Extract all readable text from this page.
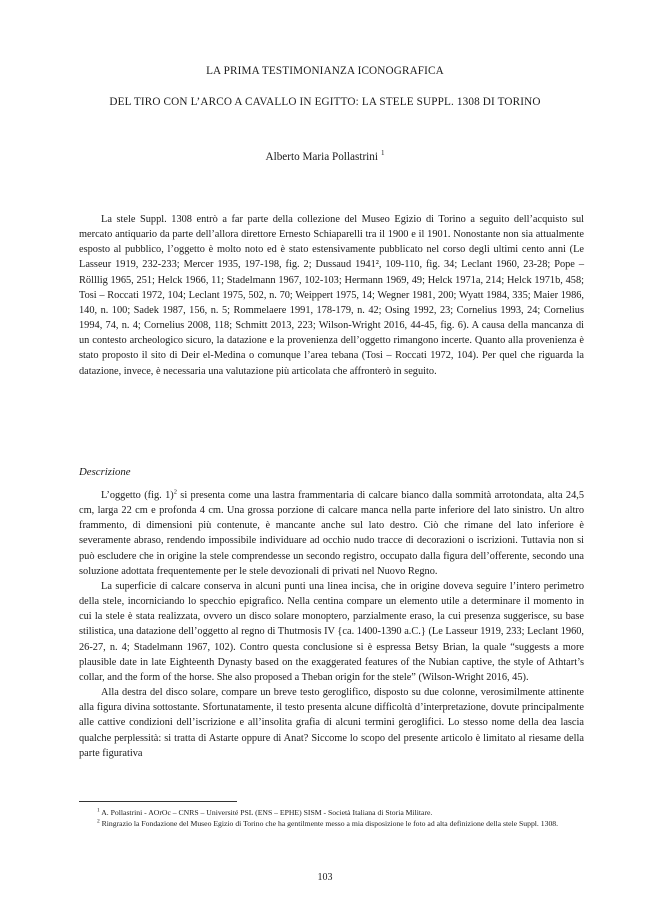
LA PRIMA TESTIMONIANZA ICONOGRAFICA
DEL TIRO CON L’ARCO A CAVALLO IN EGITTO: LA STELE SUPPL. 1308 DI TORINO
Alberto Maria Pollastrini $^1$

La stele Suppl. 1308 entrò a far parte della collezione del Museo Egizio di Torino a seguito dell’acquisto sul mercato antiquario da parte dell’allora direttore Ernesto Schiaparelli tra il 1900 e il 1901. Nonostante non sia attualmente esposto al pubblico, l’oggetto è molto noto ed è stato estensivamente pubblicato nel corso degli ultimi cento anni (Le Lasseur 1919, 232-233; Mercer 1935, 197-198, fig. 2; Dussaud 1941², 109-110, fig. 34; Leclant 1960, 23-28; Pope – Rölllig 1965, 251; Helck 1966, 11; Stadelmann 1967, 102-103; Hermann 1969, 49; Helck 1971a, 214; Helck 1971b, 458; Tosi – Roccati 1972, 104; Leclant 1975, 502, n. 70; Weippert 1975, 14; Wegner 1981, 200; Wyatt 1984, 335; Maier 1986, 140, n. 100; Sadek 1987, 156, n. 5; Rommelaere 1991, 178-179, n. 42; Osing 1992, 23; Cornelius 1993, 24; Cornelius 1994, 74, n. 4; Cornelius 2008, 118; Schmitt 2013, 223; Wilson-Wright 2016, 44-45, fig. 6). A causa della mancanza di un contesto archeologico sicuro, la datazione e la provenienza dell’oggetto rimangono incerte. Quanto alla provenienza è stato proposto il sito di Deir el-Medina o comunque l’area tebana (Tosi – Roccati 1972, 104). Per quel che riguarda la datazione, invece, è necessaria una valutazione più articolata che affronterò in seguito.

Descrizione

L’oggetto (fig. 1)$^2$ si presenta come una lastra frammentaria di calcare bianco dalla sommità arrotondata, alta 24,5 cm, larga 22 cm e profonda 4 cm. Una grossa porzione di calcare manca nella parte inferiore del lato sinistro. Un altro frammento, di dimensioni più contenute, è mancante anche sul lato destro. Ciò che rimane del lato inferiore è severamente abraso, rendendo impossibile individuare ad occhio nudo tracce di decorazioni o iscrizioni. Tuttavia non si può escludere che in origine la stele comprendesse un secondo registro, occupato dalla figura dell’offerente, secondo una soluzione adottata frequentemente per le stele devozionali di privati nel Nuovo Regno.

La superficie di calcare conserva in alcuni punti una linea incisa, che in origine doveva seguire l’intero perimetro della stele, incorniciando lo specchio epigrafico. Nella centina compare un elemento utile a determinare il momento in cui la stele è stata realizzata, ovvero un disco solare monoptero, parzialmente eraso, la cui presenza suggerisce, su base stilistica, una datazione dell’oggetto al regno di Thutmosis IV {ca. 1400-1390 a.C.} (Le Lasseur 1919, 233; Leclant 1960, 26-27, n. 4; Stadelmann 1967, 102). Contro questa conclusione si è espressa Betsy Brian, la quale “suggests a more plausible date in late Eighteenth Dynasty based on the exaggerated features of the Nubian captive, the style of Athtart’s collar, and the form of the horse. She also proposed a Theban origin for the stele” (Wilson-Wright 2016, 45).

Alla destra del disco solare, compare un breve testo geroglifico, disposto su due colonne, verosimilmente attinente alla figura divina sottostante. Sfortunatamente, il testo presenta alcune difficoltà d’interpretazione, dovute principalmente alle cattive condizioni dell’iscrizione e all’insolita grafia di alcuni termini geroglifici. Lo stesso nome della dea lascia qualche perplessità: si tratta di Astarte oppure di Anat? Siccome lo scopo del presente articolo è limitato al riesame della parte figurativa

$^1$ A. Pollastrini - AOrOc – CNRS – Université PSL (ENS – EPHE) SISM - Società Italiana di Storia Militare.

$^2$ Ringrazio la Fondazione del Museo Egizio di Torino che ha gentilmente messo a mia disposizione le foto ad alta definizione della stele Suppl. 1308.

103
